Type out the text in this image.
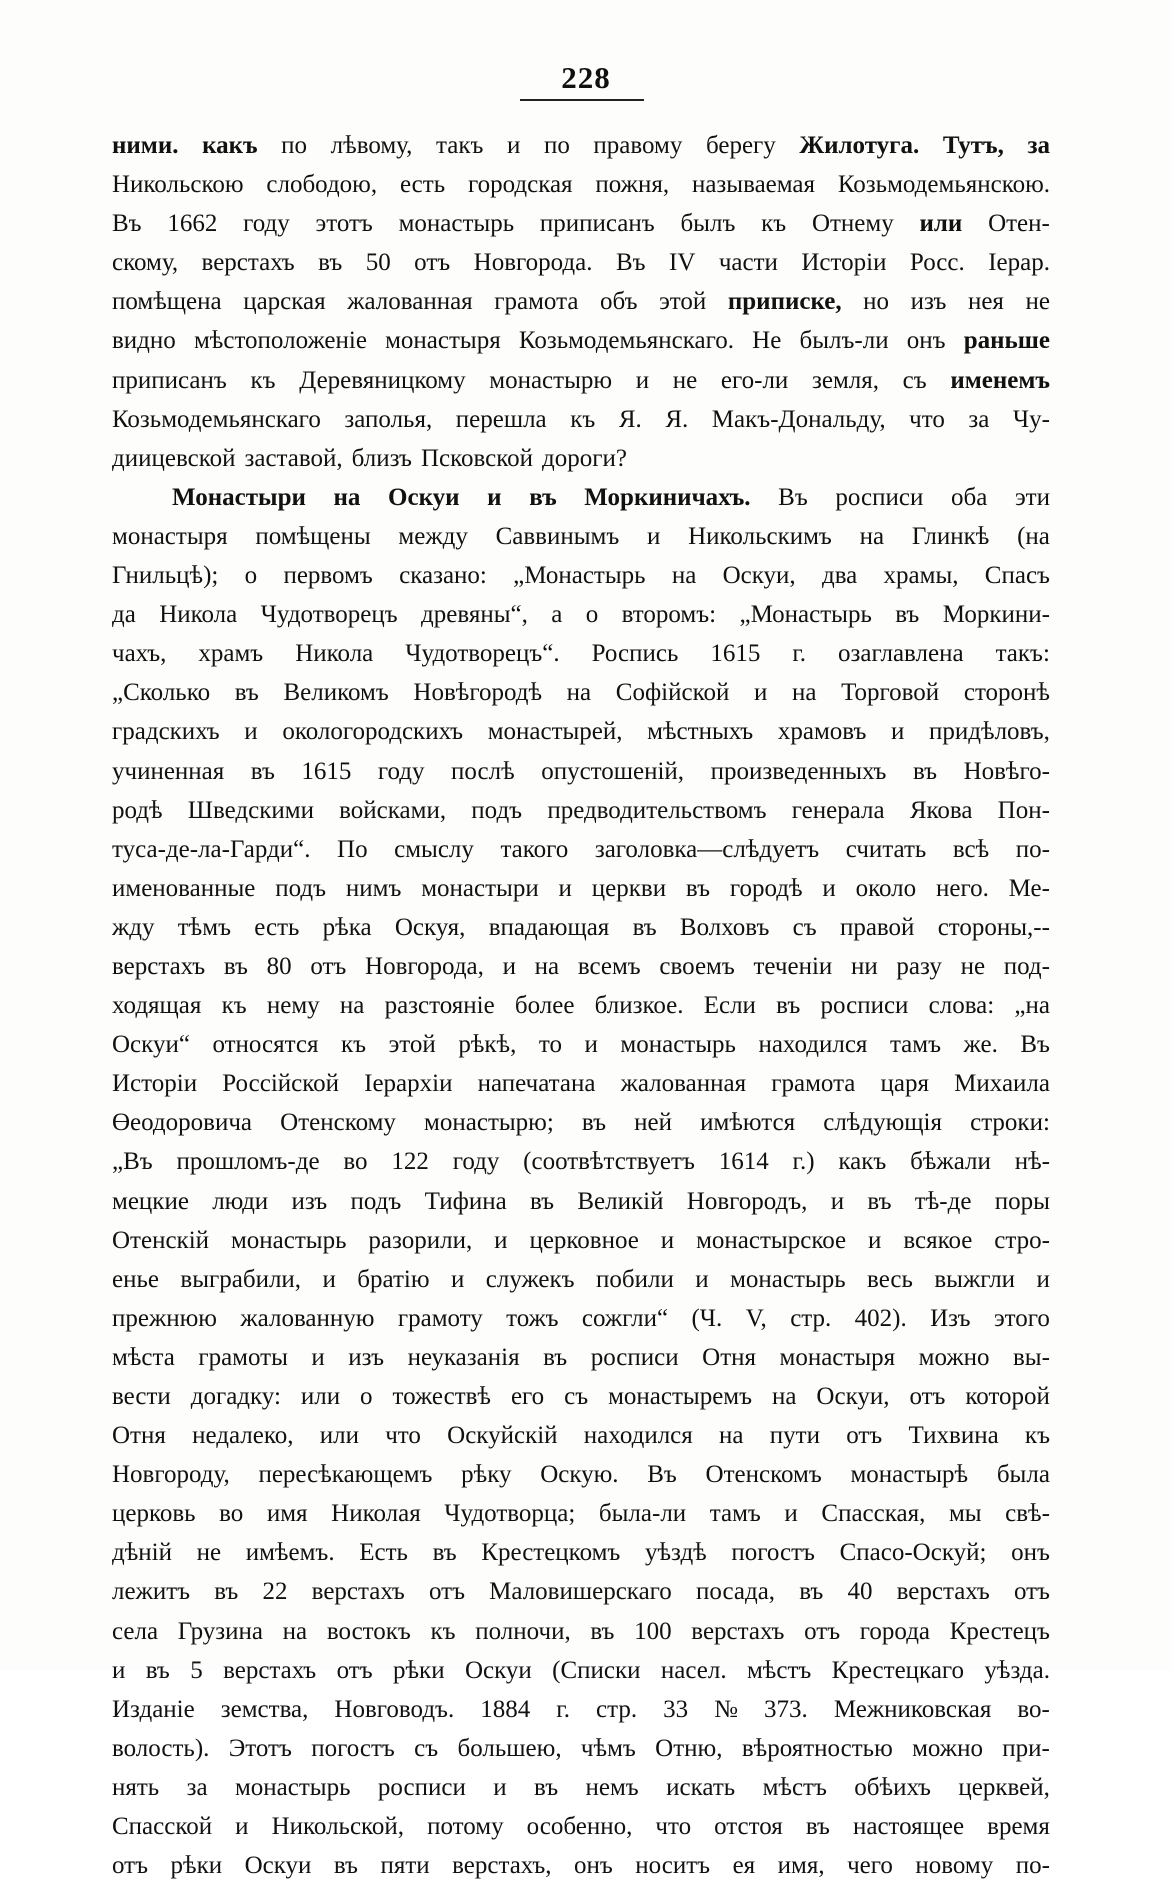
228
ними. какъ по лѣвому, такъ и по правому берегу Жилотуга. Тутъ, за
Никольскою слободою, есть городская пожня, называемая Козьмодемьянскою.
Въ 1662 году этотъ монастырь приписанъ былъ къ Отнему или Отен-
скому, верстахъ въ 50 отъ Новгорода. Въ IV части Исторіи Росс. Іерар.
помѣщена царская жалованная грамота объ этой приписке, но изъ нея не
видно мѣстоположеніе монастыря Козьмодемьянскаго. Не былъ-ли онъ раньше
приписанъ къ Деревяницкому монастырю и не его-ли земля, съ именемъ
Козьмодемьянскаго заполья, перешла къ Я. Я. Макъ-Дональду, что за Чу-
диицевской заставой, близъ Псковской дороги?
Монастыри на Оскуи и въ Моркиничахъ. Въ росписи оба эти
монастыря помѣщены между Саввинымъ и Никольскимъ на Глинкѣ (на
Гнильцѣ); о первомъ сказано: „Монастырь на Оскуи, два храмы, Спасъ
да Никола Чудотворецъ древяны“, а о второмъ: „Монастырь въ Моркини-
чахъ, храмъ Никола Чудотворецъ“. Роспись 1615 г. озаглавлена такъ:
„Сколько въ Великомъ Новѣгородѣ на Софійской и на Торговой сторонѣ
градскихъ и окологородскихъ монастырей, мѣстныхъ храмовъ и придѣловъ,
учиненная въ 1615 году послѣ опустошеній, произведенныхъ въ Новѣго-
родѣ Шведскими войсками, подъ предводительствомъ генерала Якова Пон-
туса-де-ла-Гарди“. По смыслу такого заголовка—слѣдуетъ считать всѣ по-
именованные подъ нимъ монастыри и церкви въ городѣ и около него. Ме-
жду тѣмъ есть рѣка Оскуя, впадающая въ Волховъ съ правой стороны,--
верстахъ въ 80 отъ Новгорода, и на всемъ своемъ теченіи ни разу не под-
ходящая къ нему на разстояніе более близкое. Если въ росписи слова: „на
Оскуи“ относятся къ этой рѣкѣ, то и монастырь находился тамъ же. Въ
Исторіи Россійской Іерархіи напечатана жалованная грамота царя Михаила
Өеодоровича Отенскому монастырю; въ ней имѣются слѣдующія строки:
„Въ прошломъ-де во 122 году (соотвѣтствуетъ 1614 г.) какъ бѣжали нѣ-
мецкие люди изъ подъ Тифина въ Великій Новгородъ, и въ тѣ-де поры
Отенскій монастырь разорили, и церковное и монастырское и всякое стро-
енье выграбили, и братію и служекъ побили и монастырь весь выжгли и
прежнюю жалованную грамоту тожъ сожгли“ (Ч. V, стр. 402). Изъ этого
мѣста грамоты и изъ неуказанія въ росписи Отня монастыря можно вы-
вести догадку: или о тожествѣ его съ монастыремъ на Оскуи, отъ которой
Отня недалеко, или что Оскуйскій находился на пути отъ Тихвина къ
Новгороду, пересѣкающемъ рѣку Оскую. Въ Отенскомъ монастырѣ была
церковь во имя Николая Чудотворца; была-ли тамъ и Спасская, мы свѣ-
дѣній не имѣемъ. Есть въ Крестецкомъ уѣздѣ погостъ Спасо-Оскуй; онъ
лежитъ въ 22 верстахъ отъ Маловишерскаго посада, въ 40 верстахъ отъ
села Грузина на востокъ къ полночи, въ 100 верстахъ отъ города Крестецъ
и въ 5 верстахъ отъ рѣки Оскуи (Списки насел. мѣстъ Крестецкаго уѣзда.
Изданіе земства, Новговодъ. 1884 г. стр. 33 № 373. Межниковская во-
волость). Этотъ погостъ съ большею, чѣмъ Отню, вѣроятностью можно при-
нять за монастырь росписи и въ немъ искать мѣстъ обѣихъ церквей,
Спасской и Никольской, потому особенно, что отстоя въ настоящее время
отъ рѣки Оскуи въ пяти верстахъ, онъ носитъ ея имя, чего новому по-
